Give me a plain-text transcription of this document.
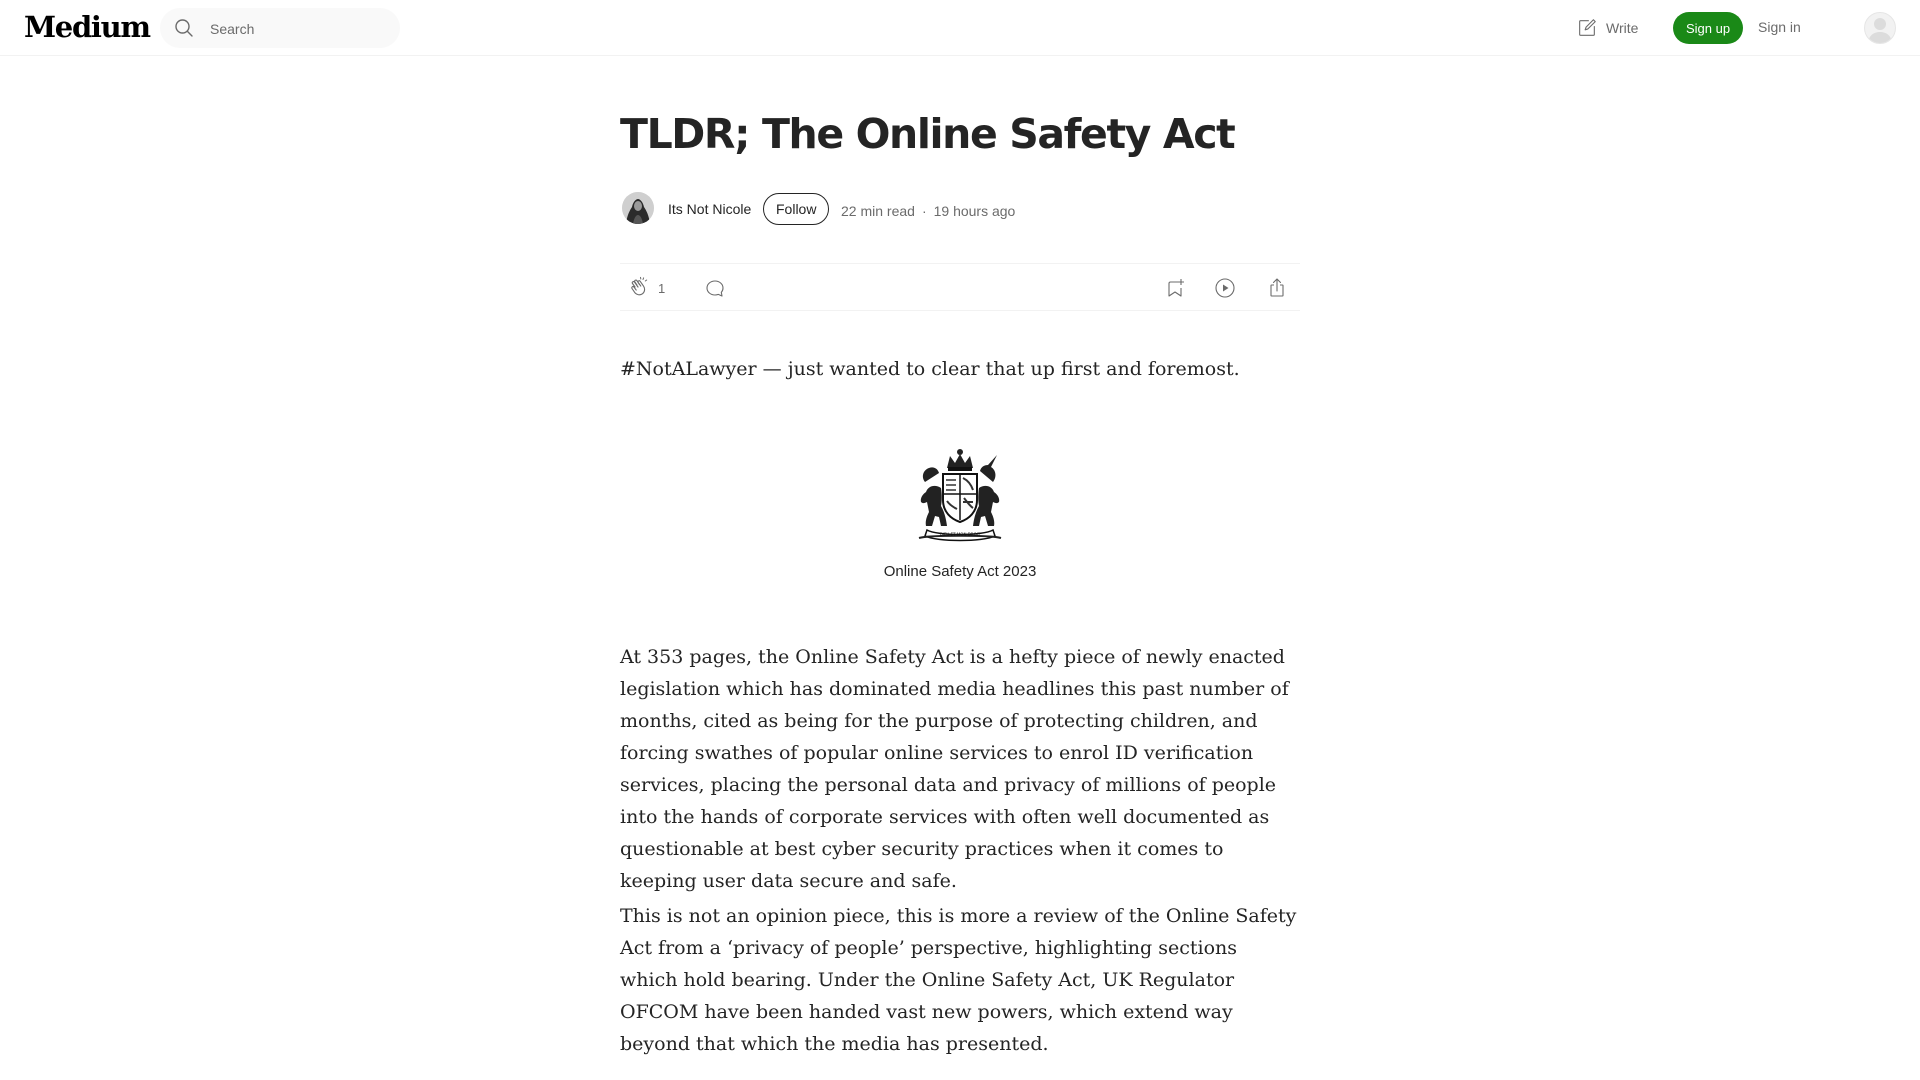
Medium
Search	Write	Sign up	Sign in
TLDR; The Online Safety Act
Its Not Nicole	Follow	22 min read · 19 hours ago
1

#NotALawyer — just wanted to clear that up first and foremost.

DIEU ET MON DROIT
Online Safety Act 2023

At 353 pages, the Online Safety Act is a hefty piece of newly enacted legislation which has dominated media headlines this past number of months, cited as being for the purpose of protecting children, and forcing swathes of popular online services to enrol ID verification services, placing the personal data and privacy of millions of people into the hands of corporate services with often well documented as questionable at best cyber security practices when it comes to keeping user data secure and safe.

This is not an opinion piece, this is more a review of the Online Safety Act from a ‘privacy of people’ perspective, highlighting sections which hold bearing. Under the Online Safety Act, UK Regulator OFCOM have been handed vast new powers, which extend way beyond that which the media has presented.
